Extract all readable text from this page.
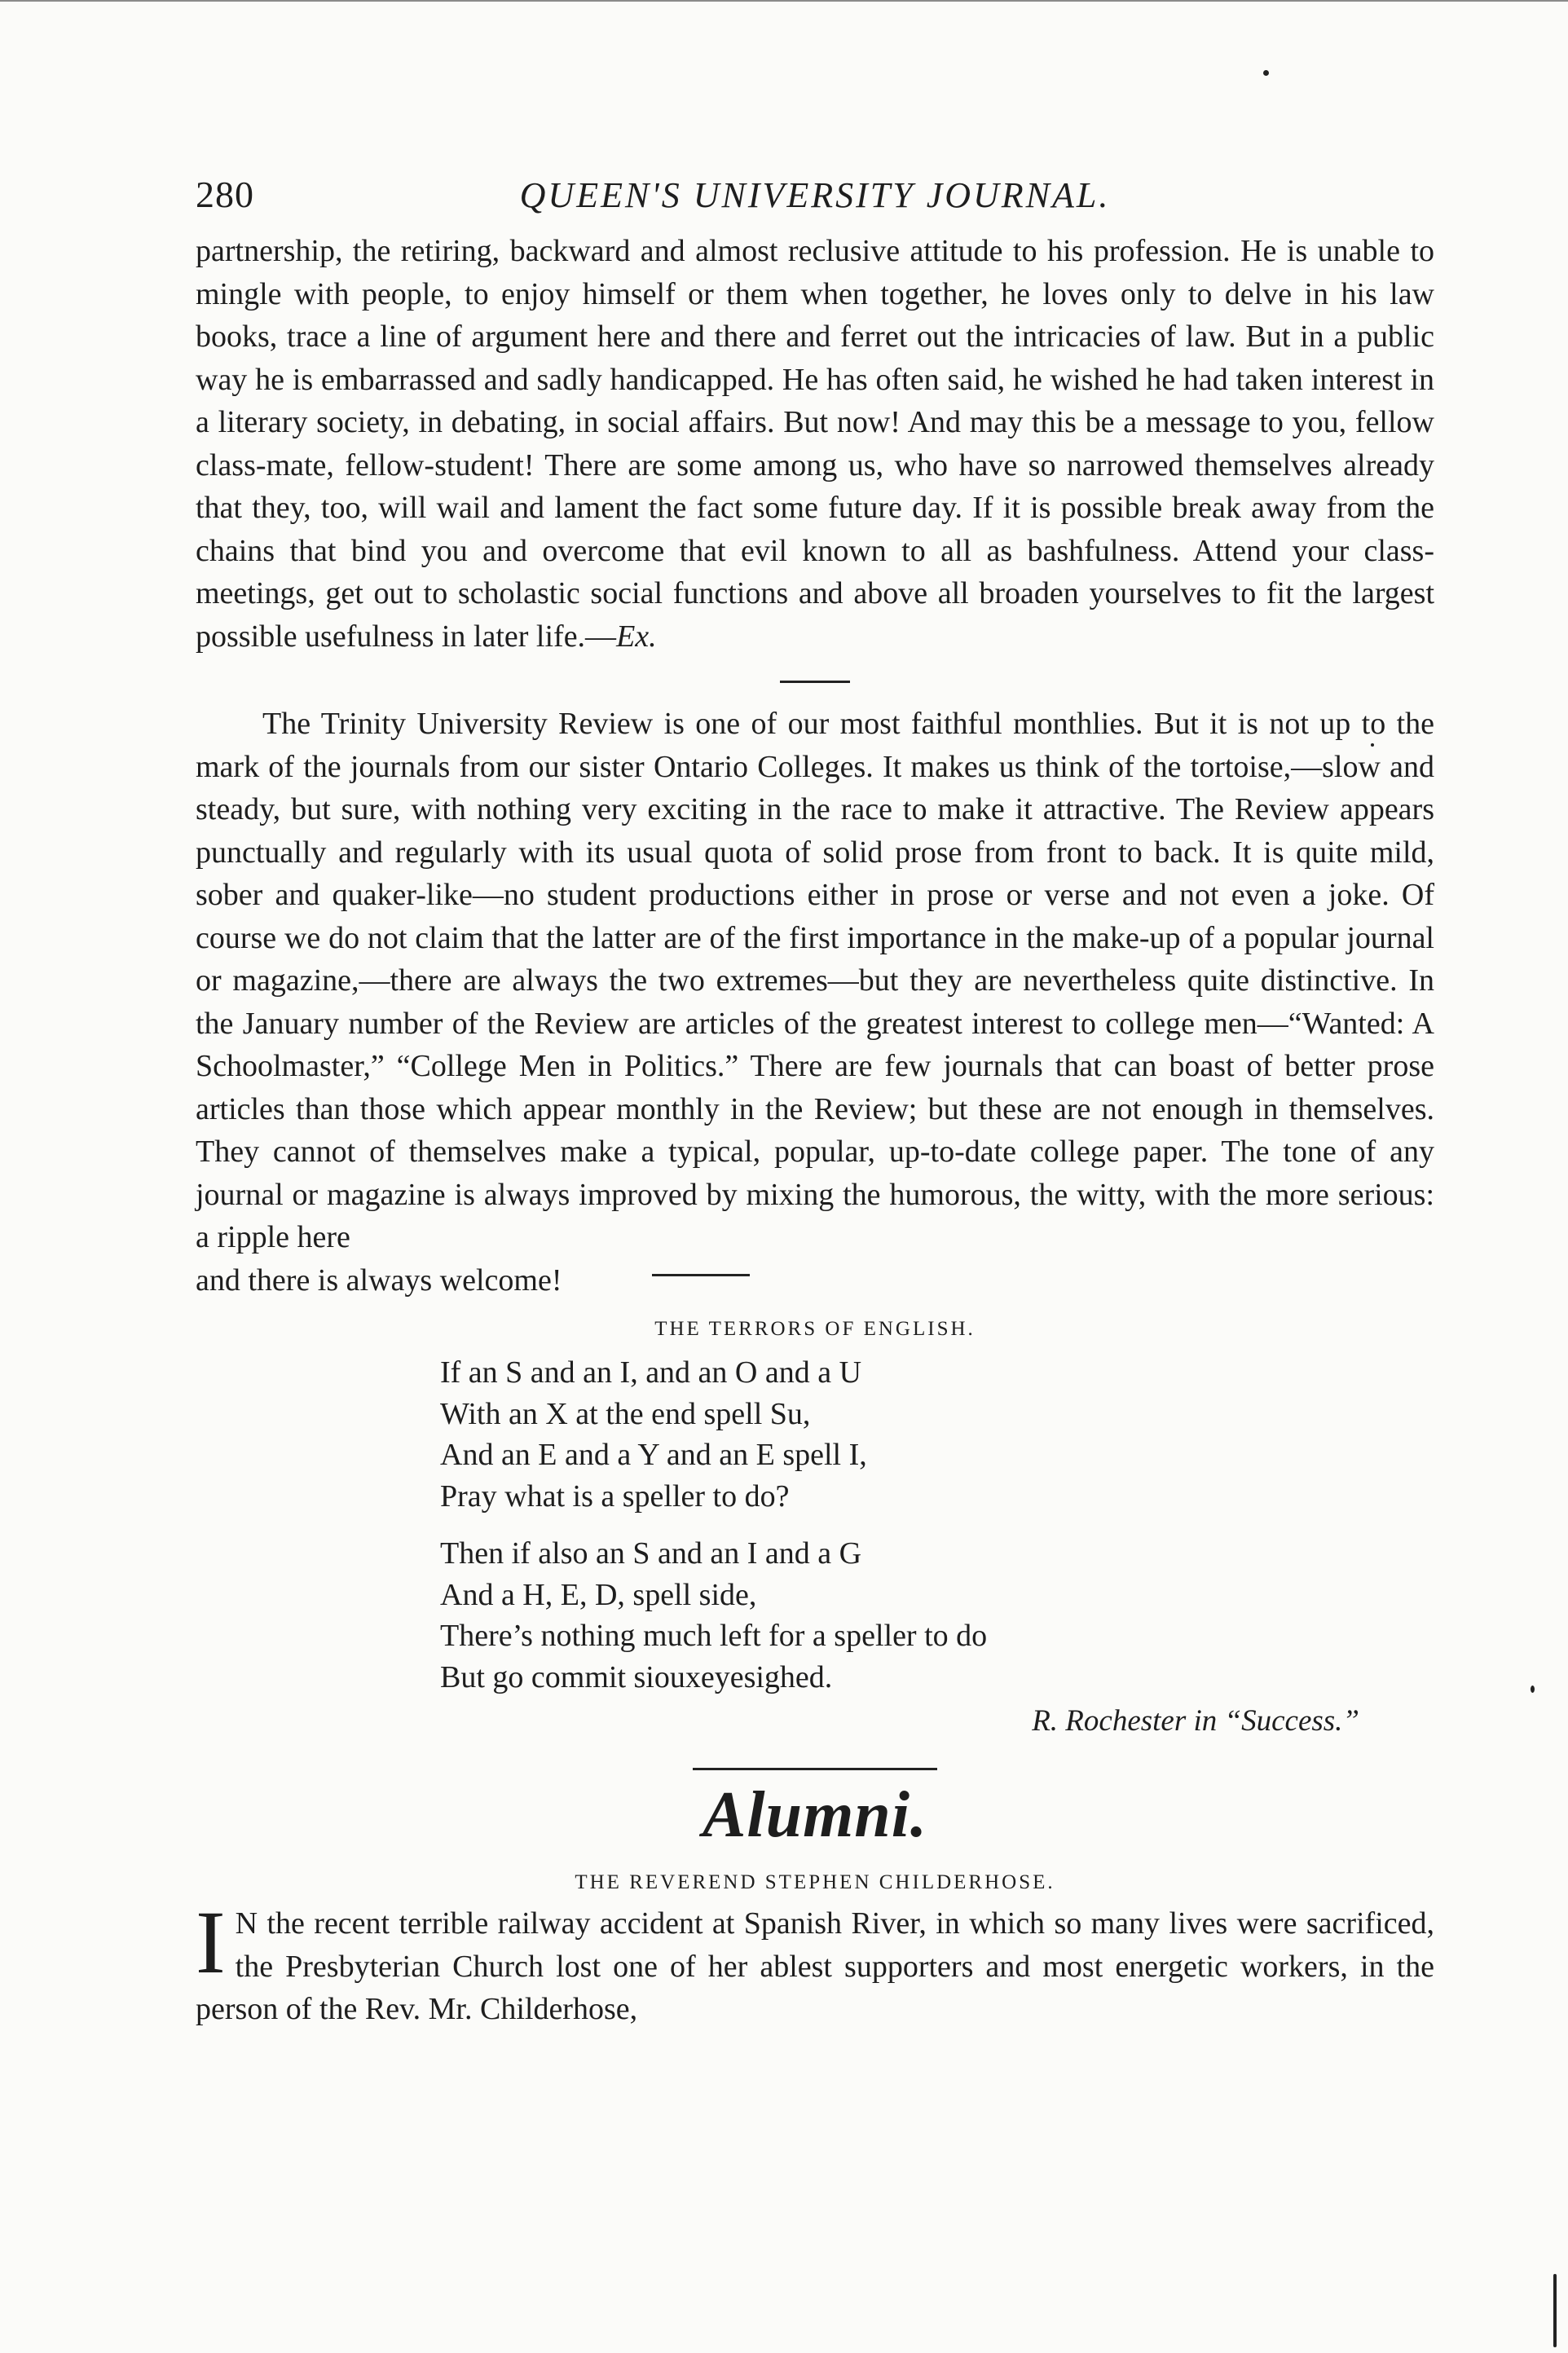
280	QUEEN'S UNIVERSITY JOURNAL.

partnership, the retiring, backward and almost reclusive attitude to his profession. He is unable to mingle with people, to enjoy himself or them when together, he loves only to delve in his law books, trace a line of argument here and there and ferret out the intricacies of law. But in a public way he is embarrassed and sadly handicapped. He has often said, he wished he had taken interest in a literary society, in debating, in social affairs. But now! And may this be a message to you, fellow class-mate, fellow-student! There are some among us, who have so narrowed themselves already that they, too, will wail and lament the fact some future day. If it is possible break away from the chains that bind you and overcome that evil known to all as bashfulness. Attend your class-meetings, get out to scholastic social functions and above all broaden yourselves to fit the largest possible usefulness in later life.—Ex.

The Trinity University Review is one of our most faithful monthlies. But it is not up to the mark of the journals from our sister Ontario Colleges. It makes us think of the tortoise,—slow and steady, but sure, with nothing very exciting in the race to make it attractive. The Review appears punctually and regularly with its usual quota of solid prose from front to back. It is quite mild, sober and quaker-like—no student productions either in prose or verse and not even a joke. Of course we do not claim that the latter are of the first importance in the make-up of a popular journal or magazine,—there are always the two extremes—but they are nevertheless quite distinctive. In the January number of the Review are articles of the greatest interest to college men—“Wanted: A Schoolmaster,” “College Men in Politics.” There are few journals that can boast of better prose articles than those which appear monthly in the Review; but these are not enough in themselves. They cannot of themselves make a typical, popular, up-to-date college paper. The tone of any journal or magazine is always improved by mixing the humorous, the witty, with the more serious: a ripple here

and there is always welcome!
THE TERRORS OF ENGLISH.
If an S and an I, and an O and a U
With an X at the end spell Su,
And an E and a Y and an E spell I,
Pray what is a speller to do?
Then if also an S and an I and a G
And a H, E, D, spell side,
There’s nothing much left for a speller to do
But go commit siouxeyesighed.
R. Rochester in “Success.”
Alumni.
THE REVEREND STEPHEN CHILDERHOSE.

I N the recent terrible railway accident at Spanish River, in which so many lives were sacrificed, the Presbyterian Church lost one of her ablest supporters and most energetic workers, in the person of the Rev. Mr. Childerhose,
